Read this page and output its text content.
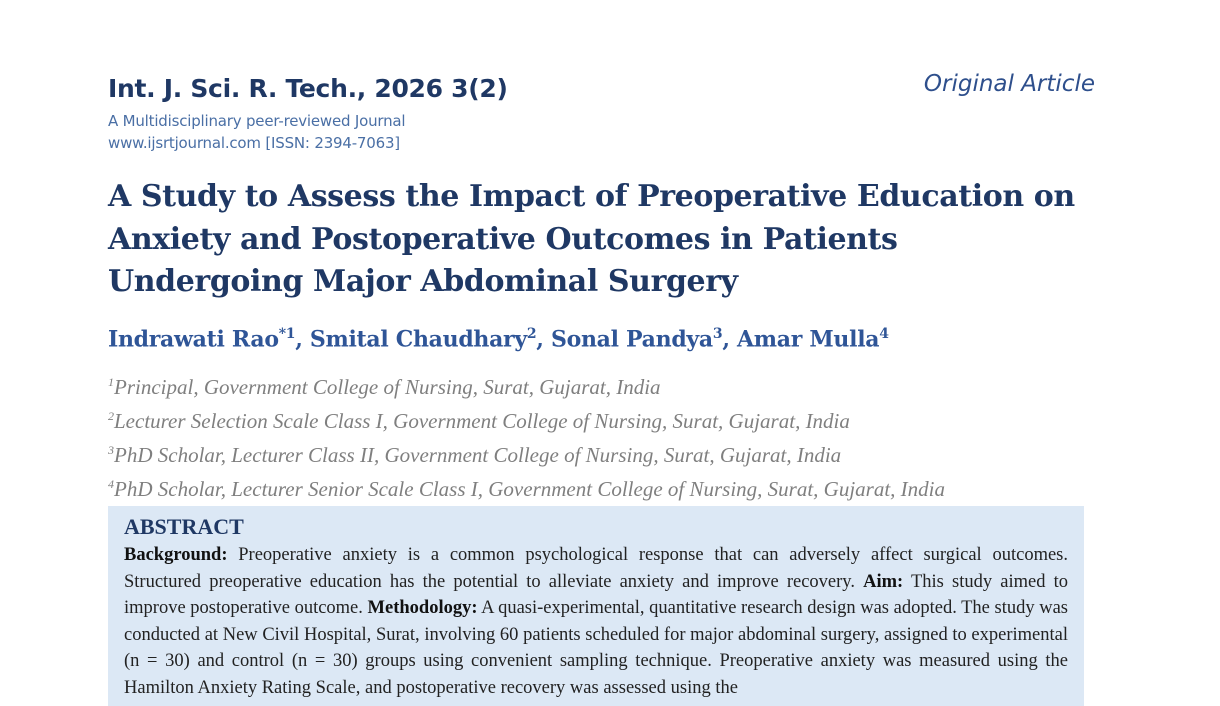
Int. J. Sci. R. Tech., 2026 3(2)	Original Article
A Multidisciplinary peer-reviewed Journal
www.ijsrtjournal.com [ISSN: 2394-7063]
A Study to Assess the Impact of Preoperative Education on Anxiety and Postoperative Outcomes in Patients Undergoing Major Abdominal Surgery
Indrawati Rao$^{*1}$, Smital Chaudhary$^2$, Sonal Pandya$^3$, Amar Mulla$^4$
$^1$Principal, Government College of Nursing, Surat, Gujarat, India
$^2$Lecturer Selection Scale Class I, Government College of Nursing, Surat, Gujarat, India
$^3$PhD Scholar, Lecturer Class II, Government College of Nursing, Surat, Gujarat, India
$^4$PhD Scholar, Lecturer Senior Scale Class I, Government College of Nursing, Surat, Gujarat, India
ABSTRACT
Background: Preoperative anxiety is a common psychological response that can adversely affect surgical outcomes. Structured preoperative education has the potential to alleviate anxiety and improve recovery. Aim: This study aimed to improve postoperative outcome. Methodology: A quasi-experimental, quantitative research design was adopted. The study was conducted at New Civil Hospital, Surat, involving 60 patients scheduled for major abdominal surgery, assigned to experimental (n = 30) and control (n = 30) groups using convenient sampling technique. Preoperative anxiety was measured using the Hamilton Anxiety Rating Scale, and postoperative recovery was assessed using the
